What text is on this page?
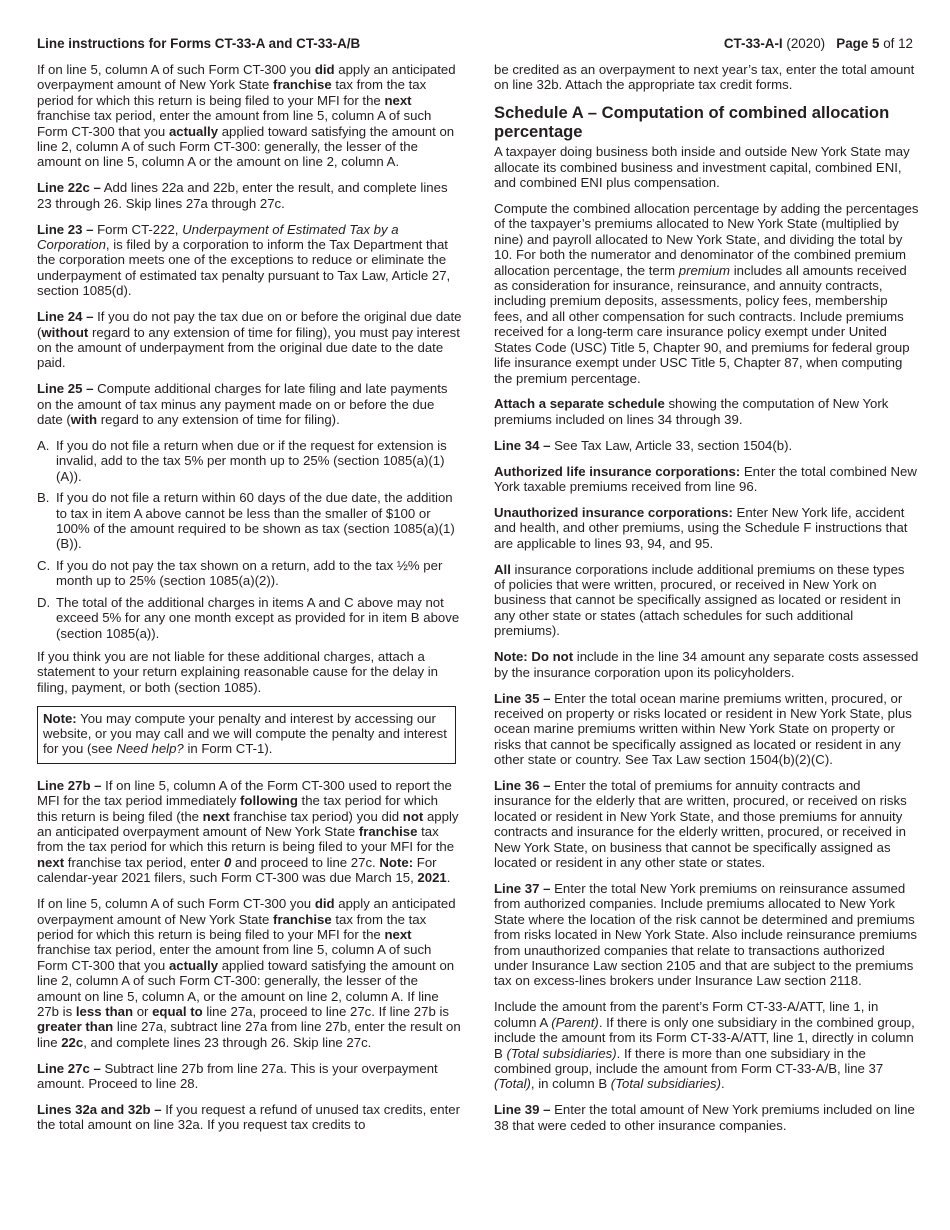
Line instructions for Forms CT-33-A and CT-33-A/B	CT-33-A-I (2020) Page 5 of 12

If on line 5, column A of such Form CT-300 you did apply an anticipated overpayment amount of New York State franchise tax from the tax period for which this return is being filed to your MFI for the next franchise tax period, enter the amount from line 5, column A of such Form CT-300 that you actually applied toward satisfying the amount on line 2, column A of such Form CT-300: generally, the lesser of the amount on line 5, column A or the amount on line 2, column A.

Line 22c – Add lines 22a and 22b, enter the result, and complete lines 23 through 26. Skip lines 27a through 27c.

Line 23 – Form CT-222, Underpayment of Estimated Tax by a Corporation, is filed by a corporation to inform the Tax Department that the corporation meets one of the exceptions to reduce or eliminate the underpayment of estimated tax penalty pursuant to Tax Law, Article 27, section 1085(d).

Line 24 – If you do not pay the tax due on or before the original due date (without regard to any extension of time for filing), you must pay interest on the amount of underpayment from the original due date to the date paid.

Line 25 – Compute additional charges for late filing and late payments on the amount of tax minus any payment made on or before the due date (with regard to any extension of time for filing).

A. If you do not file a return when due or if the request for extension is invalid, add to the tax 5% per month up to 25% (section 1085(a)(1)(A)).
B. If you do not file a return within 60 days of the due date, the addition to tax in item A above cannot be less than the smaller of $100 or 100% of the amount required to be shown as tax (section 1085(a)(1)(B)).
C. If you do not pay the tax shown on a return, add to the tax ½% per month up to 25% (section 1085(a)(2)).
D. The total of the additional charges in items A and C above may not exceed 5% for any one month except as provided for in item B above (section 1085(a)).

If you think you are not liable for these additional charges, attach a statement to your return explaining reasonable cause for the delay in filing, payment, or both (section 1085).

Note: You may compute your penalty and interest by accessing our website, or you may call and we will compute the penalty and interest for you (see Need help? in Form CT-1).

Line 27b – If on line 5, column A of the Form CT-300 used to report the MFI for the tax period immediately following the tax period for which this return is being filed (the next franchise tax period) you did not apply an anticipated overpayment amount of New York State franchise tax from the tax period for which this return is being filed to your MFI for the next franchise tax period, enter 0 and proceed to line 27c. Note: For calendar-year 2021 filers, such Form CT-300 was due March 15, 2021.

If on line 5, column A of such Form CT-300 you did apply an anticipated overpayment amount of New York State franchise tax from the tax period for which this return is being filed to your MFI for the next franchise tax period, enter the amount from line 5, column A of such Form CT-300 that you actually applied toward satisfying the amount on line 2, column A of such Form CT-300: generally, the lesser of the amount on line 5, column A, or the amount on line 2, column A. If line 27b is less than or equal to line 27a, proceed to line 27c. If line 27b is greater than line 27a, subtract line 27a from line 27b, enter the result on line 22c, and complete lines 23 through 26. Skip line 27c.

Line 27c – Subtract line 27b from line 27a. This is your overpayment amount. Proceed to line 28.

Lines 32a and 32b – If you request a refund of unused tax credits, enter the total amount on line 32a. If you request tax credits to

be credited as an overpayment to next year’s tax, enter the total amount on line 32b. Attach the appropriate tax credit forms.

Schedule A – Computation of combined allocation percentage

A taxpayer doing business both inside and outside New York State may allocate its combined business and investment capital, combined ENI, and combined ENI plus compensation.

Compute the combined allocation percentage by adding the percentages of the taxpayer’s premiums allocated to New York State (multiplied by nine) and payroll allocated to New York State, and dividing the total by 10. For both the numerator and denominator of the combined premium allocation percentage, the term premium includes all amounts received as consideration for insurance, reinsurance, and annuity contracts, including premium deposits, assessments, policy fees, membership fees, and all other compensation for such contracts. Include premiums received for a long-term care insurance policy exempt under United States Code (USC) Title 5, Chapter 90, and premiums for federal group life insurance exempt under USC Title 5, Chapter 87, when computing the premium percentage.

Attach a separate schedule showing the computation of New York premiums included on lines 34 through 39.

Line 34 – See Tax Law, Article 33, section 1504(b).

Authorized life insurance corporations: Enter the total combined New York taxable premiums received from line 96.

Unauthorized insurance corporations: Enter New York life, accident and health, and other premiums, using the Schedule F instructions that are applicable to lines 93, 94, and 95.

All insurance corporations include additional premiums on these types of policies that were written, procured, or received in New York on business that cannot be specifically assigned as located or resident in any other state or states (attach schedules for such additional premiums).

Note: Do not include in the line 34 amount any separate costs assessed by the insurance corporation upon its policyholders.

Line 35 – Enter the total ocean marine premiums written, procured, or received on property or risks located or resident in New York State, plus ocean marine premiums written within New York State on property or risks that cannot be specifically assigned as located or resident in any other state or country. See Tax Law section 1504(b)(2)(C).

Line 36 – Enter the total of premiums for annuity contracts and insurance for the elderly that are written, procured, or received on risks located or resident in New York State, and those premiums for annuity contracts and insurance for the elderly written, procured, or received in New York State, on business that cannot be specifically assigned as located or resident in any other state or states.

Line 37 – Enter the total New York premiums on reinsurance assumed from authorized companies. Include premiums allocated to New York State where the location of the risk cannot be determined and premiums from risks located in New York State. Also include reinsurance premiums from unauthorized companies that relate to transactions authorized under Insurance Law section 2105 and that are subject to the premiums tax on excess-lines brokers under Insurance Law section 2118.

Include the amount from the parent’s Form CT-33-A/ATT, line 1, in column A (Parent). If there is only one subsidiary in the combined group, include the amount from its Form CT-33-A/ATT, line 1, directly in column B (Total subsidiaries). If there is more than one subsidiary in the combined group, include the amount from Form CT-33-A/B, line 37 (Total), in column B (Total subsidiaries).

Line 39 – Enter the total amount of New York premiums included on line 38 that were ceded to other insurance companies.
